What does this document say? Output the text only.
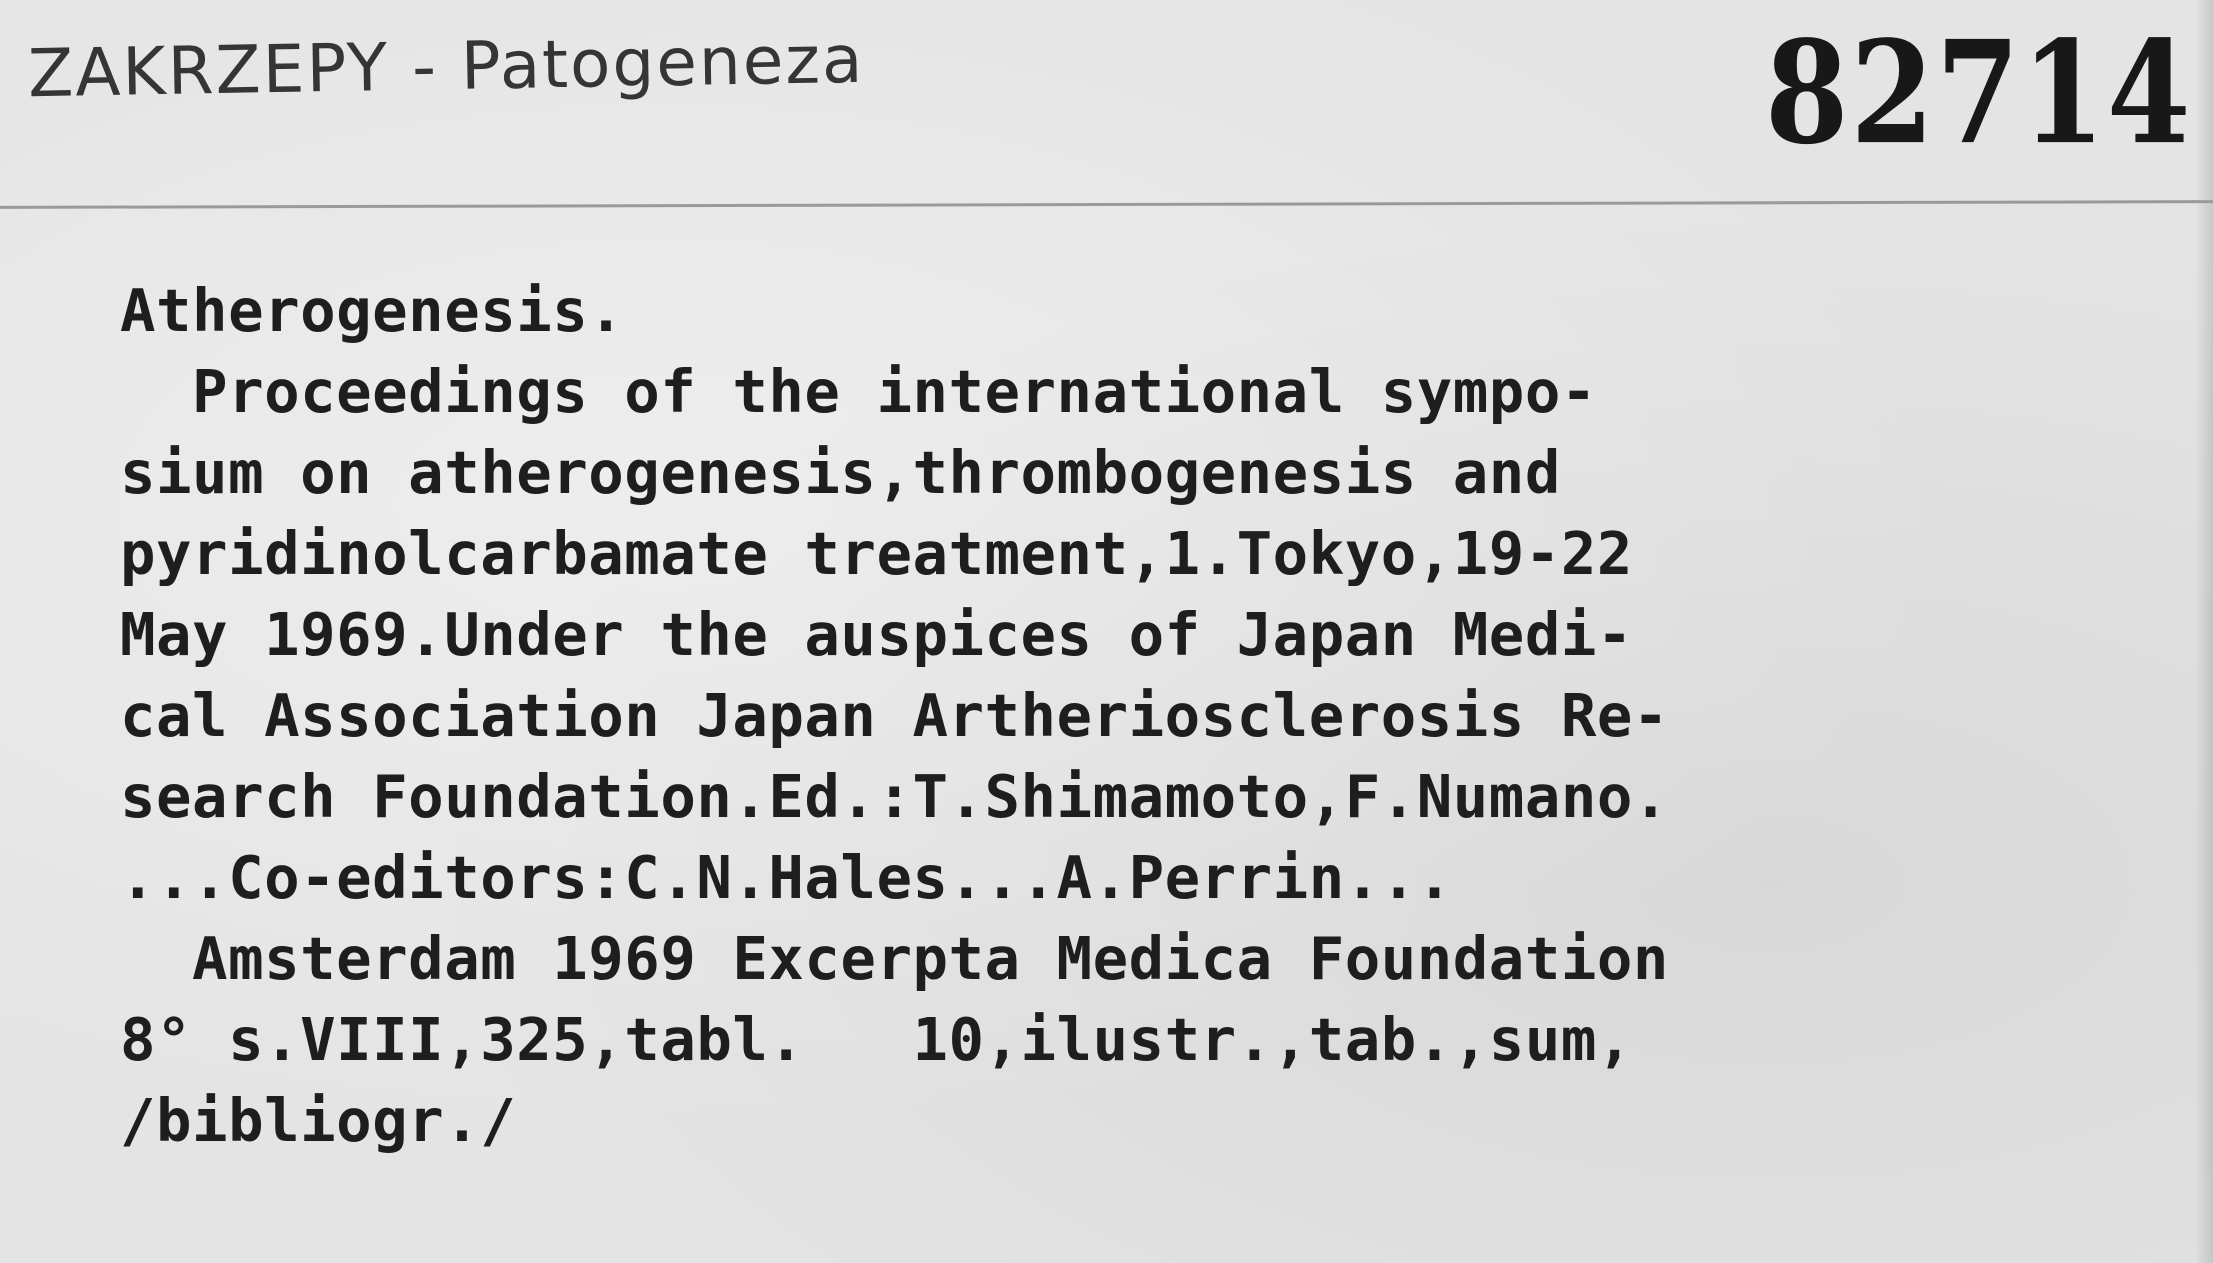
ZAKRZEPY - Patogeneza	82714
Atherogenesis.
Proceedings of the international sympo-
sium on atherogenesis,thrombogenesis and
pyridinolcarbamate treatment,1.Tokyo,19-22
May 1969.Under the auspices of Japan Medi-
cal Association Japan Artheriosclerosis Re-
search Foundation.Ed.:T.Shimamoto,F.Numano.
...Co-editors:C.N.Hales...A.Perrin...
Amsterdam 1969 Excerpta Medica Foundation
8° s.VIII,325,tabl.   10,ilustr.,tab.,sum,
/bibliogr./
